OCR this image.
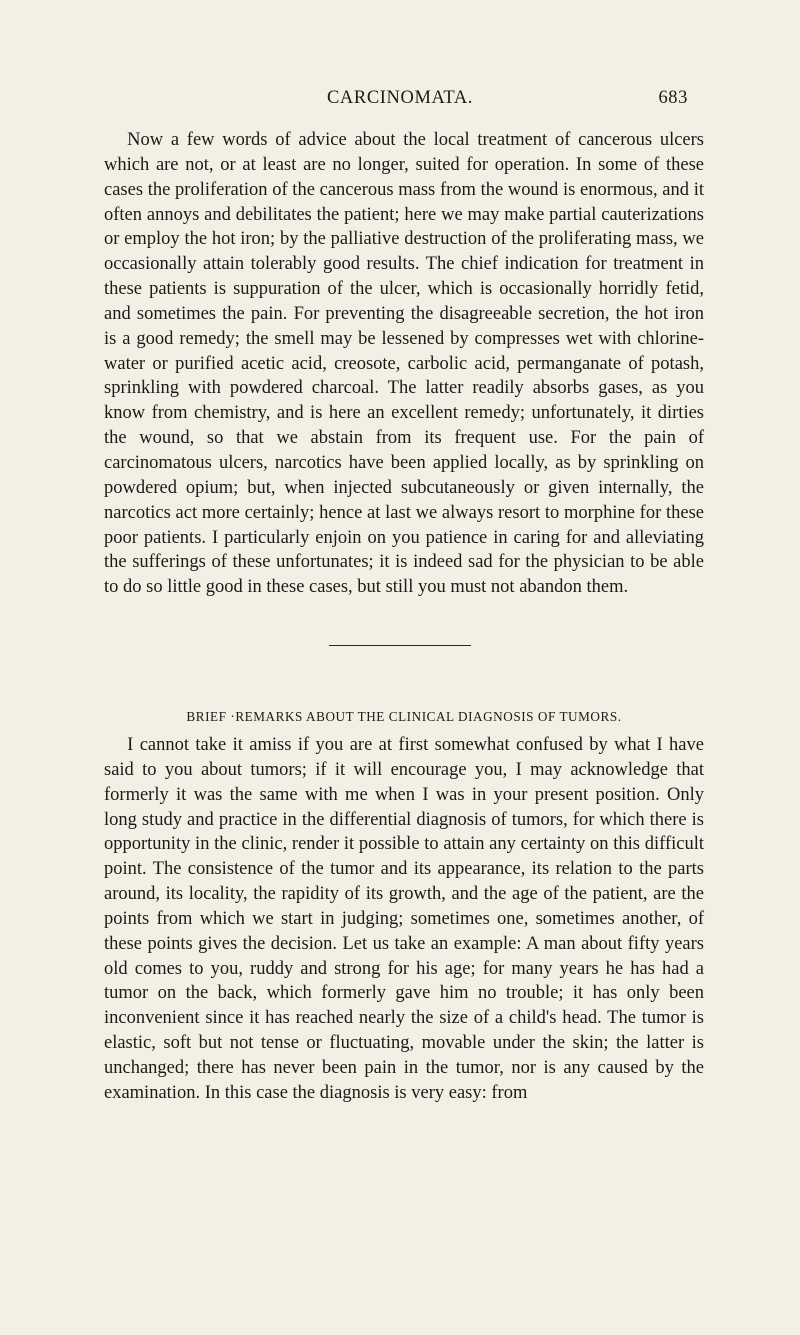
CARCINOMATA.	683

Now a few words of advice about the local treatment of cancerous ulcers which are not, or at least are no longer, suited for operation. In some of these cases the proliferation of the cancerous mass from the wound is enormous, and it often annoys and debilitates the patient; here we may make partial cauterizations or employ the hot iron; by the palliative destruction of the proliferating mass, we occasionally attain tolerably good results. The chief indication for treatment in these patients is suppuration of the ulcer, which is occasionally horridly fetid, and sometimes the pain. For preventing the disagreeable secretion, the hot iron is a good remedy; the smell may be lessened by compresses wet with chlorine-water or purified acetic acid, creosote, carbolic acid, permanganate of potash, sprinkling with powdered charcoal. The latter readily absorbs gases, as you know from chemistry, and is here an excellent remedy; unfortunately, it dirties the wound, so that we abstain from its frequent use. For the pain of carcinomatous ulcers, narcotics have been applied locally, as by sprinkling on powdered opium; but, when injected subcutaneously or given internally, the narcotics act more certainly; hence at last we always resort to morphine for these poor patients. I particularly enjoin on you patience in caring for and alleviating the sufferings of these unfortunates; it is indeed sad for the physician to be able to do so little good in these cases, but still you must not abandon them.

BRIEF ·REMARKS ABOUT THE CLINICAL DIAGNOSIS OF TUMORS.

I cannot take it amiss if you are at first somewhat confused by what I have said to you about tumors; if it will encourage you, I may acknowledge that formerly it was the same with me when I was in your present position. Only long study and practice in the differential diagnosis of tumors, for which there is opportunity in the clinic, render it possible to attain any certainty on this difficult point. The consistence of the tumor and its appearance, its relation to the parts around, its locality, the rapidity of its growth, and the age of the patient, are the points from which we start in judging; sometimes one, sometimes another, of these points gives the decision. Let us take an example: A man about fifty years old comes to you, ruddy and strong for his age; for many years he has had a tumor on the back, which formerly gave him no trouble; it has only been inconvenient since it has reached nearly the size of a child's head. The tumor is elastic, soft but not tense or fluctuating, movable under the skin; the latter is unchanged; there has never been pain in the tumor, nor is any caused by the examination. In this case the diagnosis is very easy: from
